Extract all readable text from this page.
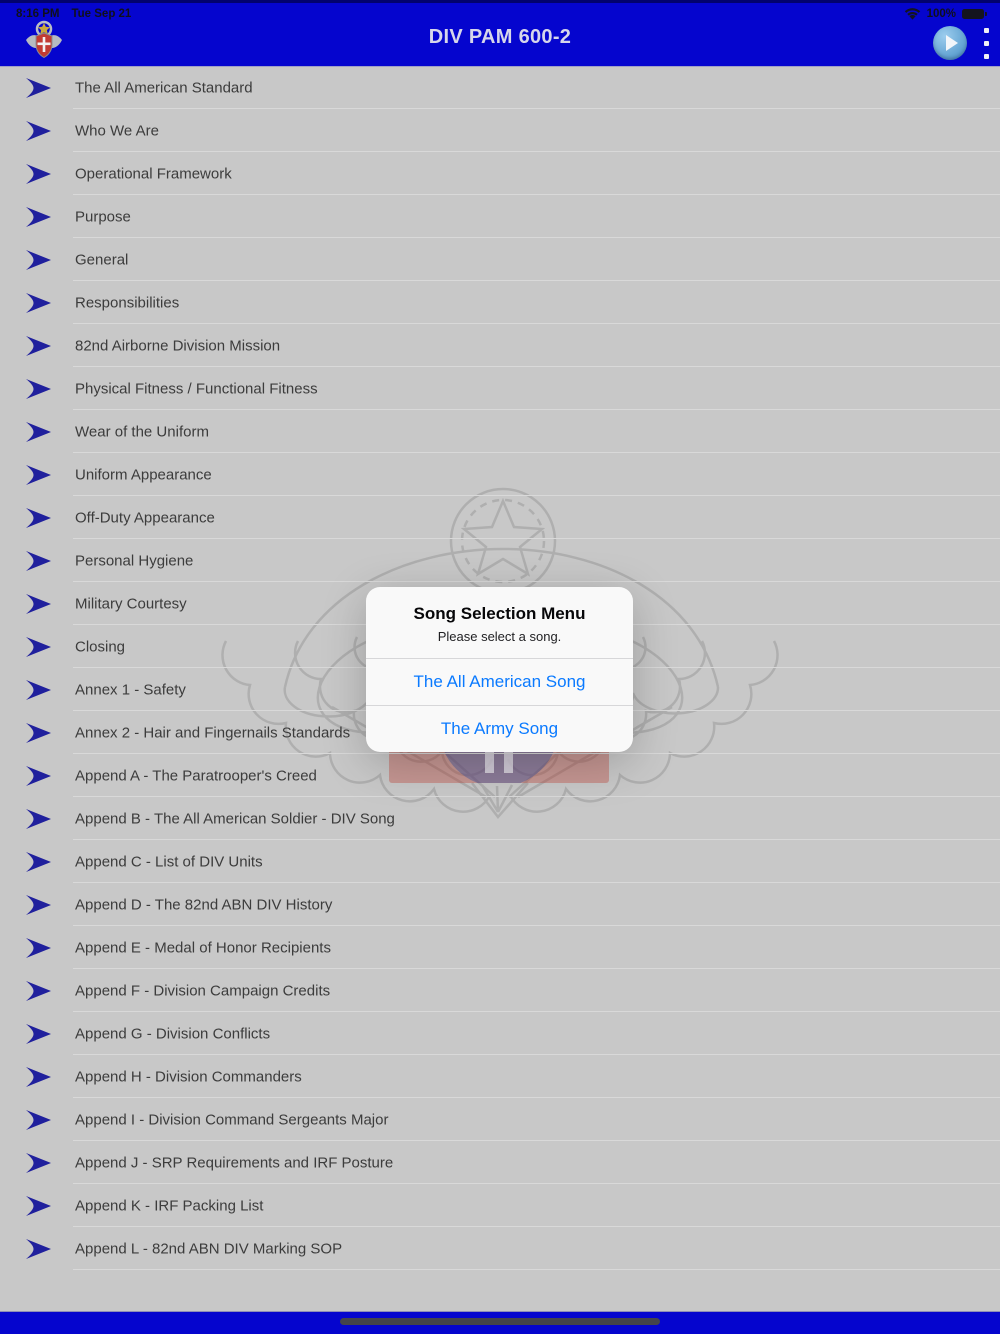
8:16 PM Tue Sep 21	100%
DIV PAM 600-2
The All American Standard
Who We Are
Operational Framework
Purpose
General
Responsibilities
82nd Airborne Division Mission
Physical Fitness / Functional Fitness
Wear of the Uniform
Uniform Appearance
Off-Duty Appearance
Personal Hygiene
Military Courtesy
Closing
Annex 1 - Safety
Annex 2 - Hair and Fingernails Standards
Append A - The Paratrooper's Creed
Append B - The All American Soldier - DIV Song
Append C - List of DIV Units
Append D - The 82nd ABN DIV History
Append E - Medal of Honor Recipients
Append F - Division Campaign Credits
Append G - Division Conflicts
Append H - Division Commanders
Append I - Division Command Sergeants Major
Append J - SRP Requirements and IRF Posture
Append K - IRF Packing List
Append L - 82nd ABN DIV Marking SOP
Song Selection Menu
Please select a song.
The All American Song
The Army Song
